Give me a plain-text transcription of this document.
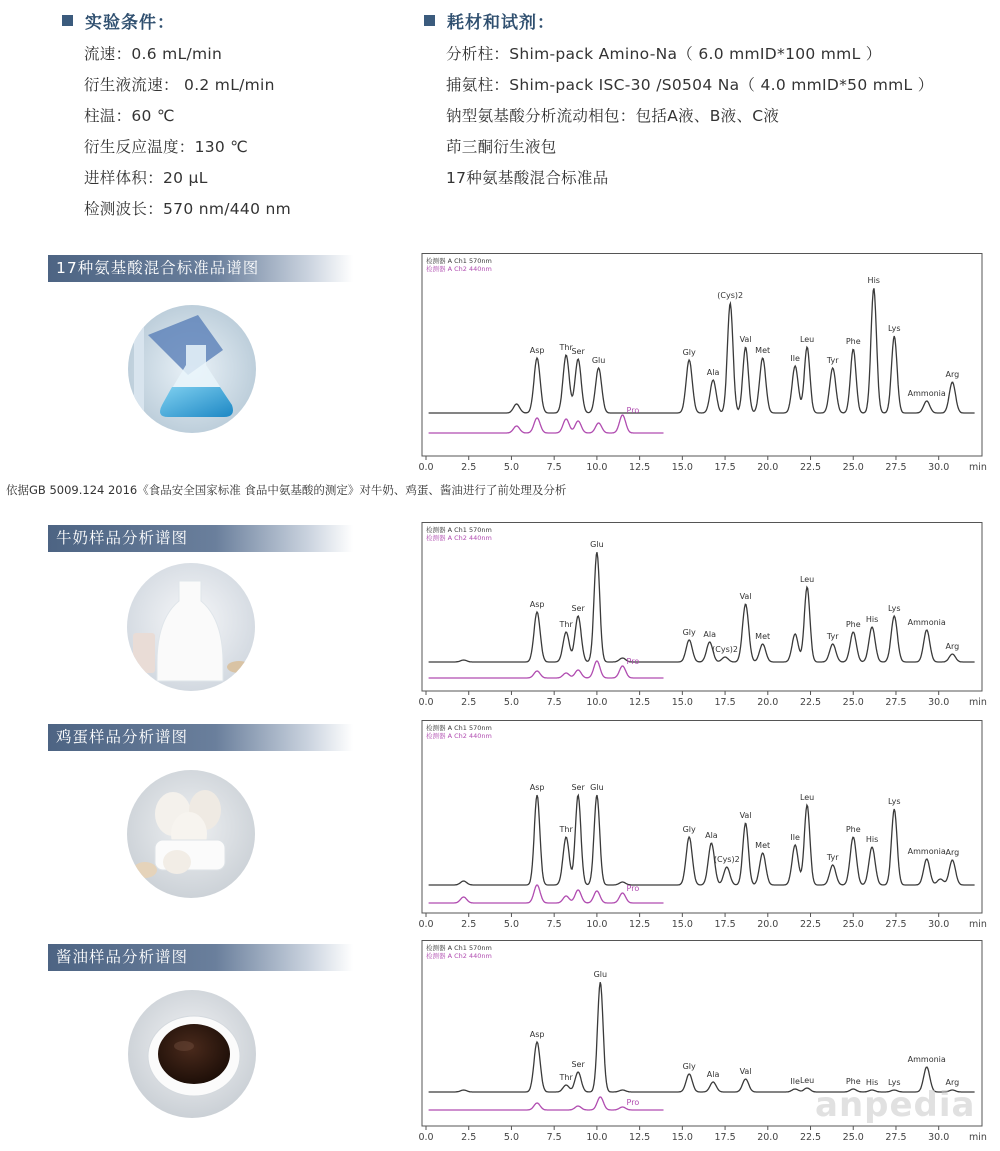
实验条件：
流速：0.6 mL/min
衍生液流速： 0.2 mL/min
柱温：60 ℃
衍生反应温度：130 ℃
进样体积：20 μL
检测波长：570 nm/440 nm
耗材和试剂：
分析柱：Shim-pack Amino-Na（ 6.0 mmID*100 mmL ）
捕氨柱：Shim-pack ISC-30 /S0504 Na（ 4.0 mmID*50 mmL ）
钠型氨基酸分析流动相包：包括A液、B液、C液
茚三酮衍生液包
17种氨基酸混合标准品
17种氨基酸混合标准品谱图
牛奶样品分析谱图
鸡蛋样品分析谱图
酱油样品分析谱图
依据GB 5009.124 2016《食品安全国家标准 食品中氨基酸的测定》对牛奶、鸡蛋、酱油进行了前处理及分析
检测器 A Ch1 570nm
检测器 A Ch2 440nm
Asp Thr
Ser
Glu
Gly
Ala
(Cys)2
Val
Met
Ile
Leu
Tyr
Phe
His
Lys
Ammonia
Arg
Pro
0.0	2.5	5.0	7.5	10.0 12.5 15.0 17.5 20.0 22.5 25.0 27.5 30.0 min
检测器 A Ch1 570nm
检测器 A Ch2 440nm
Asp
Thr
Ser
Glu
Gly Ala
(Cys)2
Val
Met
Leu
Tyr
Phe
His
Lys
Ammonia
Arg
Pro
0.0	2.5	5.0	7.5	10.0 12.5 15.0 17.5 20.0 22.5 25.0 27.5 30.0 min
检测器 A Ch1 570nm
检测器 A Ch2 440nm
Asp
Thr
Ser Glu
Gly
Ala
(Cys)2
Val
Met
Ile
Leu
Tyr
Phe
His
Lys
Ammonia Arg
Pro
0.0	2.5	5.0	7.5	10.0 12.5 15.0 17.5 20.0 22.5 25.0 27.5 30.0 min
检测器 A Ch1 570nm
检测器 A Ch2 440nm
Asp
Thr
Ser
Glu
Gly
Ala	Val
Ile Leu	Phe His Lys
Ammonia
Arg
Pro
0.0	2.5	5.0	7.5	10.0 12.5 15.0 17.5 20.0 22.5 25.0 27.5 30.0 min
anpedia
